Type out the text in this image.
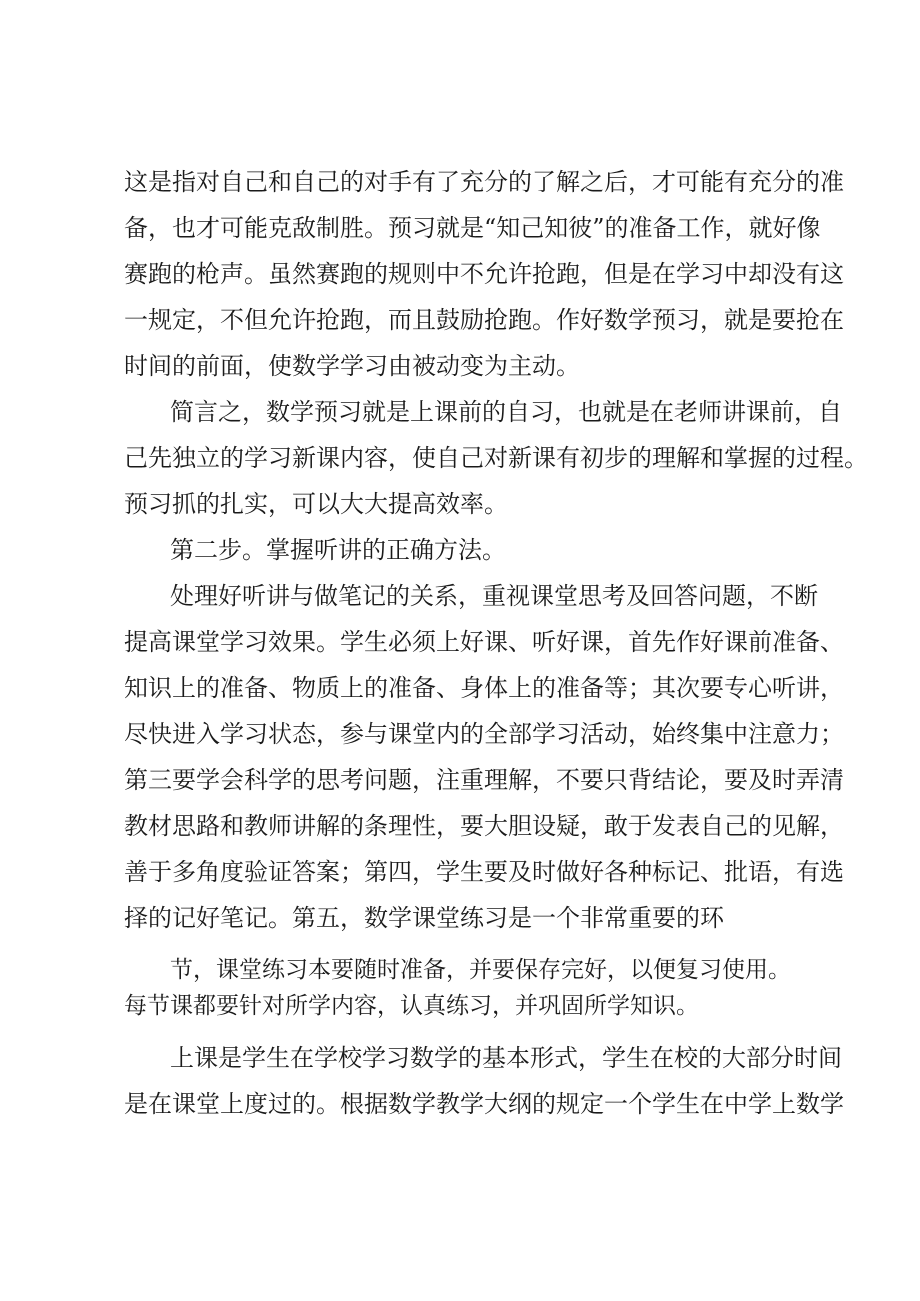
这是指对自己和自己的对手有了充分的了解之后，才可能有充分的准
备，也才可能克敌制胜。预习就是“知己知彼”的准备工作，就好像
赛跑的枪声。虽然赛跑的规则中不允许抢跑，但是在学习中却没有这
一规定，不但允许抢跑，而且鼓励抢跑。作好数学预习，就是要抢在
时间的前面，使数学学习由被动变为主动。
简言之，数学预习就是上课前的自习，也就是在老师讲课前，自
己先独立的学习新课内容，使自己对新课有初步的理解和掌握的过程。
预习抓的扎实，可以大大提高效率。
第二步。掌握听讲的正确方法。
处理好听讲与做笔记的关系，重视课堂思考及回答问题，不断
提高课堂学习效果。学生必须上好课、听好课，首先作好课前准备、
知识上的准备、物质上的准备、身体上的准备等；其次要专心听讲，
尽快进入学习状态，参与课堂内的全部学习活动，始终集中注意力；
第三要学会科学的思考问题，注重理解，不要只背结论，要及时弄清
教材思路和教师讲解的条理性，要大胆设疑，敢于发表自己的见解，
善于多角度验证答案；第四，学生要及时做好各种标记、批语，有选
择的记好笔记。第五，数学课堂练习是一个非常重要的环
节，课堂练习本要随时准备，并要保存完好，以便复习使用。
每节课都要针对所学内容，认真练习，并巩固所学知识。
上课是学生在学校学习数学的基本形式，学生在校的大部分时间
是在课堂上度过的。根据数学教学大纲的规定一个学生在中学上数学
